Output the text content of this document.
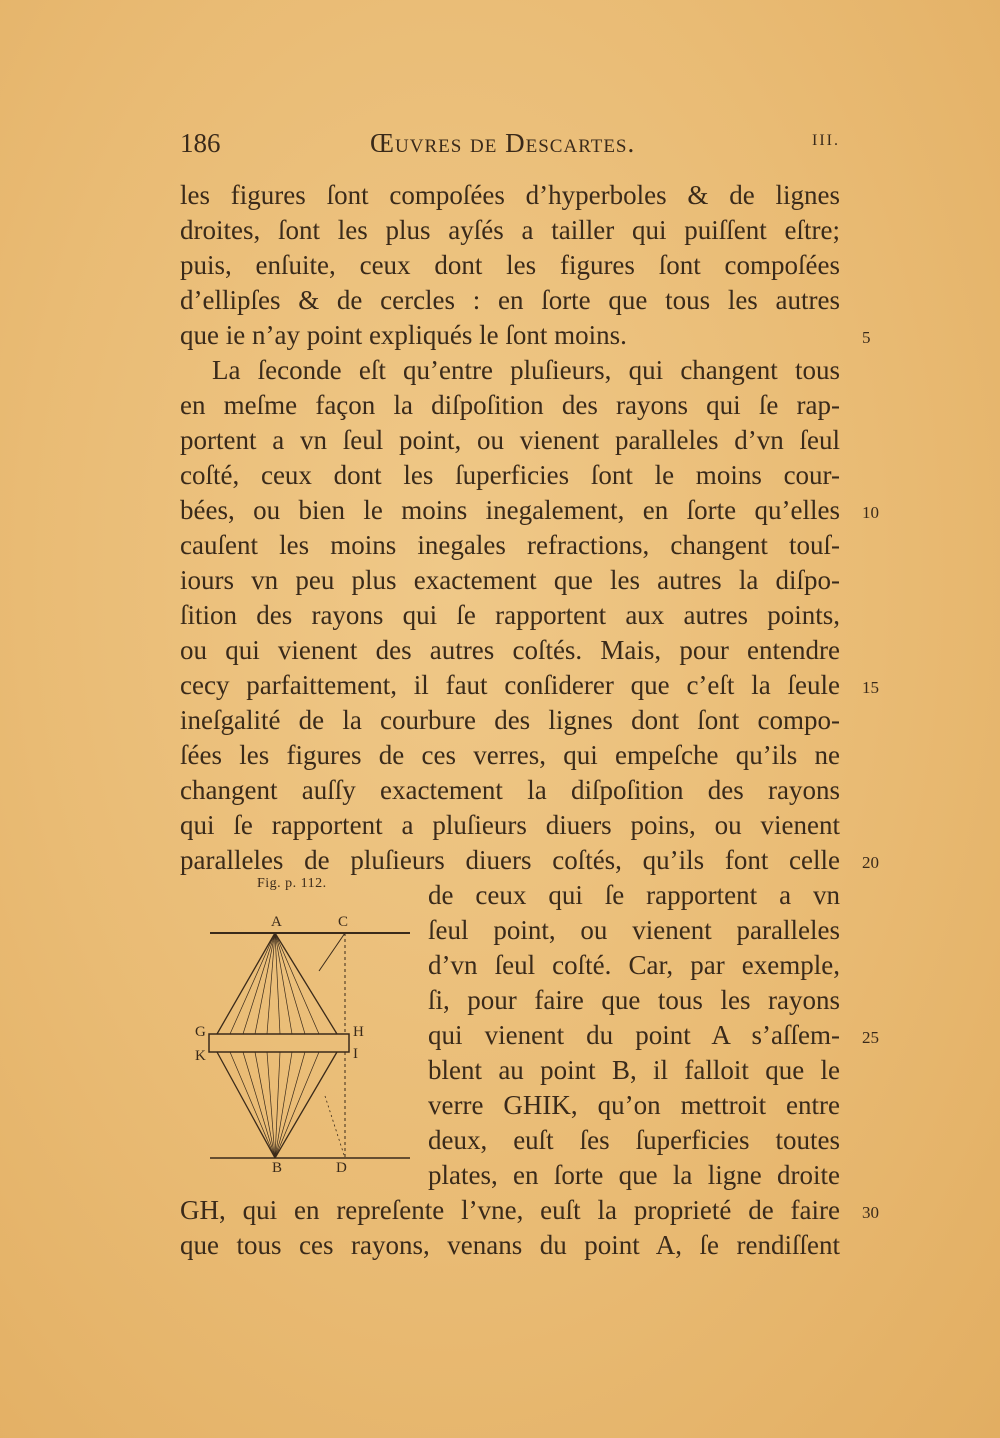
186	Œuvres de Descartes.	III.
les figures ſont compoſées d’hyperboles & de lignes
droites, ſont les plus ayſés a tailler qui puiſſent eſtre;
puis, enſuite, ceux dont les figures ſont compoſées
d’ellipſes & de cercles : en ſorte que tous les autres
que ie n’ay point expliqués le ſont moins.
La ſeconde eſt qu’entre pluſieurs, qui changent tous
en meſme façon la diſpoſition des rayons qui ſe rap-
portent a vn ſeul point, ou vienent paralleles d’vn ſeul
coſté, ceux dont les ſuperficies ſont le moins cour-
bées, ou bien le moins inegalement, en ſorte qu’elles
cauſent les moins inegales refractions, changent touſ-
iours vn peu plus exactement que les autres la diſpo-
ſition des rayons qui ſe rapportent aux autres points,
ou qui vienent des autres coſtés. Mais, pour entendre
cecy parfaittement, il faut conſiderer que c’eſt la ſeule
ineſgalité de la courbure des lignes dont ſont compo-
ſées les figures de ces verres, qui empeſche qu’ils ne
changent auſſy exactement la diſpoſition des rayons
qui ſe rapportent a pluſieurs diuers poins, ou vienent
paralleles de pluſieurs diuers coſtés, qu’ils font celle
de ceux qui ſe rapportent a vn
ſeul point, ou vienent paralleles
d’vn ſeul coſté. Car, par exemple,
ſi, pour faire que tous les rayons
qui vienent du point A s’aſſem-
blent au point B, il falloit que le
verre GHIK, qu’on mettroit entre
deux, euſt ſes ſuperficies toutes
plates, en ſorte que la ligne droite
GH, qui en repreſente l’vne, euſt la proprieté de faire
que tous ces rayons, venans du point A, ſe rendiſſent
5
10
15
20
25
30
Fig. p. 112.
A	C
G	H
K	I
B	D
